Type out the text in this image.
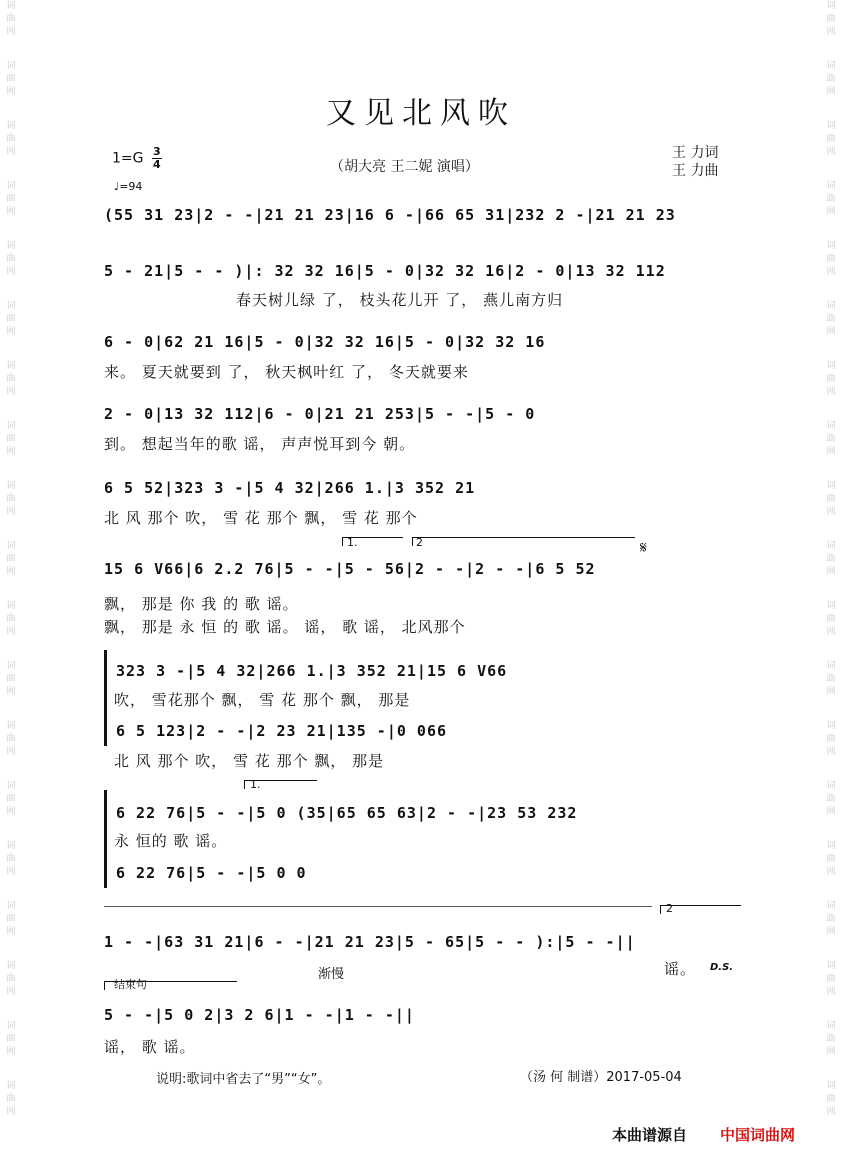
词
曲
网
词
曲
网
词
曲
网
词
曲
网
词
曲
网
词
曲
网
词
曲
网
词
曲
网
词
曲
网
词
曲
网
词
曲
网
词
曲
网
词
曲
网
词
曲
网
词
曲
网
词
曲
网
词
曲
网
词
曲
网
词
曲
网
词
曲
网
词
曲
网
词
曲
网
词
曲
网
词
曲
网
词
曲
网
词
曲
网
词
曲
网
词
曲
网
词
曲
网
词
曲
网
词
曲
网
词
曲
网
词
曲
网
词
曲
网
词
曲
网
词
曲
网
词
曲
网
词
曲
网
又见北风吹
$1=G \frac{3}{4}$
♩=94
（胡大亮 王二妮 演唱）
王 力词
王 力曲
(55 31 23|2 - -|21 21 23|16 6 -|66 65 31|232 2 -|21 21 23
5 - 21|5 - - )|: 32 32 16|5 - 0|32 32 16|2 - 0|13 32 112
春天树儿绿 了， 枝头花儿开 了， 燕儿南方归
6 - 0|62 21 16|5 - 0|32 32 16|5 - 0|32 32 16
来。 夏天就要到 了， 秋天枫叶红 了， 冬天就要来
2 - 0|13 32 112|6 - 0|21 21 253|5 - -|5 - 0
到。 想起当年的歌 谣， 声声悦耳到今 朝。
6 5 52|323 3 -|5 4 32|266 1.|3 352 21
北 风 那个 吹， 雪 花 那个 飘， 雪 花 那个
1.	2	𝄋
15 6 V66|6 2.2 76|5 - -|5 - 56|2 - -|2 - -|6 5 52
飘， 那是 你 我 的 歌 谣。
飘， 那是 永 恒 的 歌 谣。 谣， 歌 谣， 北风那个
323 3 -|5 4 32|266 1.|3 352 21|15 6 V66
吹， 雪花那个 飘， 雪 花 那个 飘， 那是
6 5 123|2 - -|2 23 21|135 -|0 066
北 风 那个 吹， 雪 花 那个 飘， 那是
1.
6 22 76|5 - -|5 0 (35|65 65 63|2 - -|23 53 232
永 恒的 歌 谣。
6 22 76|5 - -|5 0 0
2
1 - -|63 31 21|6 - -|21 21 23|5 - 65|5 - - ):|5 - -||
谣。 D.S.
结束句
渐慢
5 - -|5 0 2|3 2 6|1 - -|1 - -||
谣， 歌 谣。
说明:歌词中省去了“男”“女”。	（汤 何 制谱）2017-05-04
本曲谱源自 中国词曲网
